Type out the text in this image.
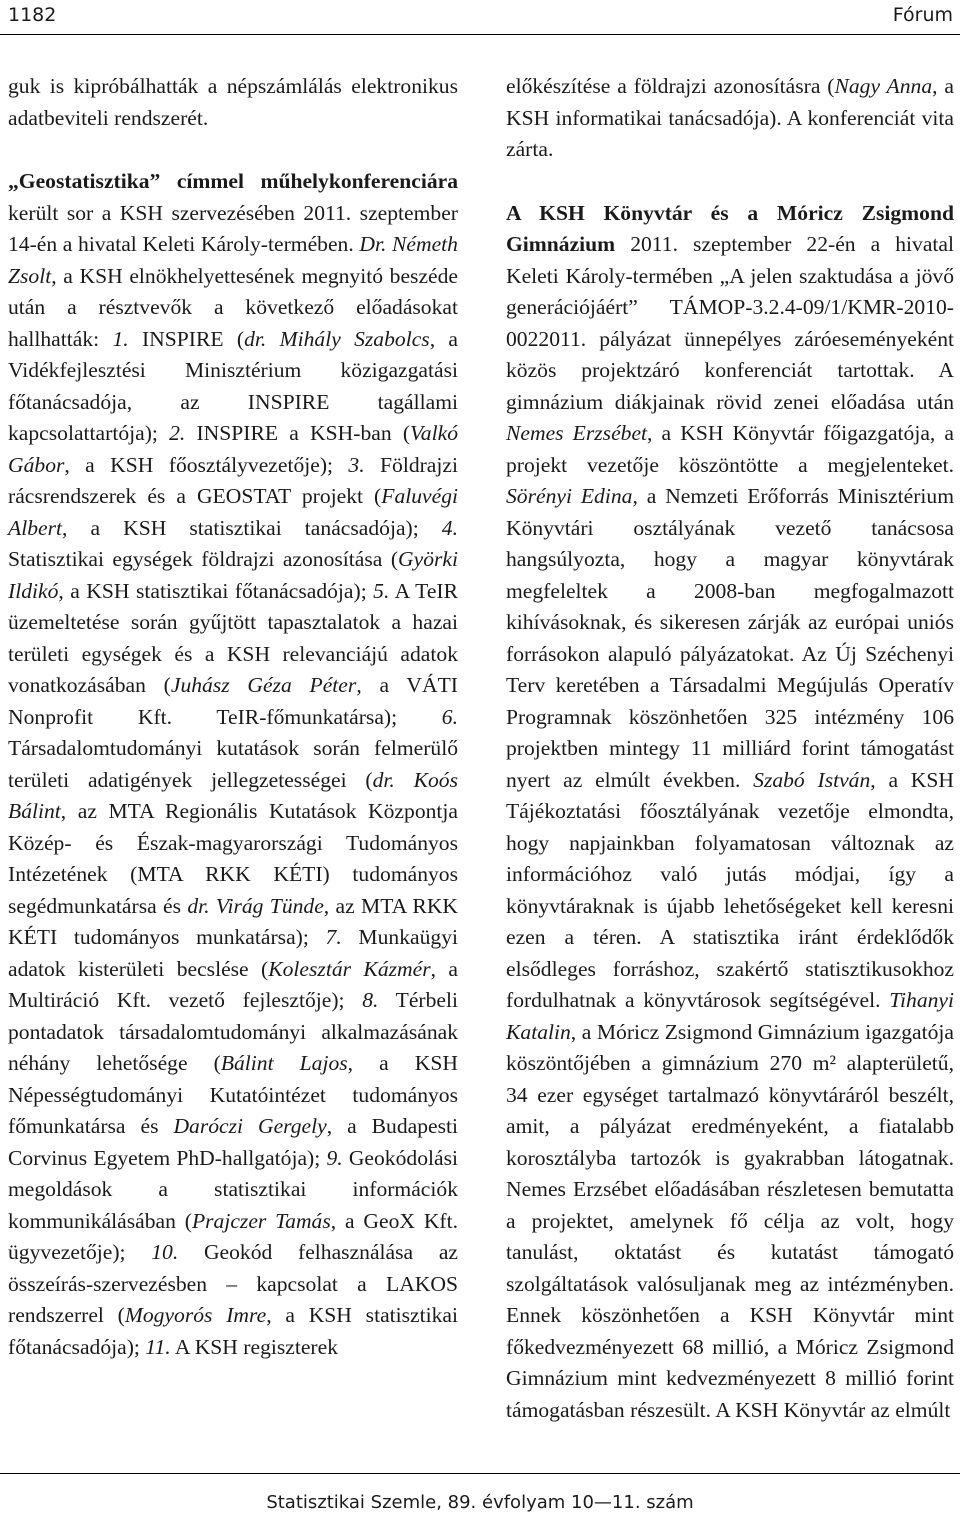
1182	Fórum

guk is kipróbálhatták a népszámlálás elektronikus adatbeviteli rendszerét.

„Geostatisztika” címmel műhelykonferenciára került sor a KSH szervezésében 2011. szeptember 14-én a hivatal Keleti Károly-termében. Dr. Németh Zsolt, a KSH elnökhelyettesének megnyitó beszéde után a résztvevők a következő előadásokat hallhatták: 1. INSPIRE (dr. Mihály Szabolcs, a Vidékfejlesztési Minisztérium közigazgatási főtanácsadója, az INSPIRE tagállami kapcsolattartója); 2. INSPIRE a KSH-ban (Valkó Gábor, a KSH főosztályvezetője); 3. Földrajzi rácsrendszerek és a GEOSTAT projekt (Faluvégi Albert, a KSH statisztikai tanácsadója); 4. Statisztikai egységek földrajzi azonosítása (Györki Ildikó, a KSH statisztikai főtanácsadója); 5. A TeIR üzemeltetése során gyűjtött tapasztalatok a hazai területi egységek és a KSH relevanciájú adatok vonatkozásában (Juhász Géza Péter, a VÁTI Nonprofit Kft. TeIR-főmunkatársa); 6. Társadalomtudományi kutatások során felmerülő területi adatigények jellegzetességei (dr. Koós Bálint, az MTA Regionális Kutatások Központja Közép- és Észak-magyarországi Tudományos Intézetének (MTA RKK KÉTI) tudományos segédmunkatársa és dr. Virág Tünde, az MTA RKK KÉTI tudományos munkatársa); 7. Munkaügyi adatok kisterületi becslése (Kolesztár Kázmér, a Multiráció Kft. vezető fejlesztője); 8. Térbeli pontadatok társadalomtudományi alkalmazásának néhány lehetősége (Bálint Lajos, a KSH Népességtudományi Kutatóintézet tudományos főmunkatársa és Daróczi Gergely, a Budapesti Corvinus Egyetem PhD-hallgatója); 9. Geokódolási megoldások a statisztikai információk kommunikálásában (Prajczer Tamás, a GeoX Kft. ügyvezetője); 10. Geokód felhasználása az összeírás-szervezésben – kapcsolat a LAKOS rendszerrel (Mogyorós Imre, a KSH statisztikai főtanácsadója); 11. A KSH regiszterek

előkészítése a földrajzi azonosításra (Nagy Anna, a KSH informatikai tanácsadója). A konferenciát vita zárta.

A KSH Könyvtár és a Móricz Zsigmond Gimnázium 2011. szeptember 22-én a hivatal Keleti Károly-termében „A jelen szaktudása a jövő generációjáért” TÁMOP-3.2.4-09/1/KMR-2010-0022011. pályázat ünnepélyes záróeseményeként közös projektzáró konferenciát tartottak. A gimnázium diákjainak rövid zenei előadása után Nemes Erzsébet, a KSH Könyvtár főigazgatója, a projekt vezetője köszöntötte a megjelenteket. Sörényi Edina, a Nemzeti Erőforrás Minisztérium Könyvtári osztályának vezető tanácsosa hangsúlyozta, hogy a magyar könyvtárak megfeleltek a 2008-ban megfogalmazott kihívásoknak, és sikeresen zárják az európai uniós forrásokon alapuló pályázatokat. Az Új Széchenyi Terv keretében a Társadalmi Megújulás Operatív Programnak köszönhetően 325 intézmény 106 projektben mintegy 11 milliárd forint támogatást nyert az elmúlt években. Szabó István, a KSH Tájékoztatási főosztályának vezetője elmondta, hogy napjainkban folyamatosan változnak az információhoz való jutás módjai, így a könyvtáraknak is újabb lehetőségeket kell keresni ezen a téren. A statisztika iránt érdeklődők elsődleges forráshoz, szakértő statisztikusokhoz fordulhatnak a könyvtárosok segítségével. Tihanyi Katalin, a Móricz Zsigmond Gimnázium igazgatója köszöntőjében a gimnázium 270 m² alapterületű, 34 ezer egységet tartalmazó könyvtáráról beszélt, amit, a pályázat eredményeként, a fiatalabb korosztályba tartozók is gyakrabban látogatnak. Nemes Erzsébet előadásában részletesen bemutatta a projektet, amelynek fő célja az volt, hogy tanulást, oktatást és kutatást támogató szolgáltatások valósuljanak meg az intézményben. Ennek köszönhetően a KSH Könyvtár mint főkedvezményezett 68 millió, a Móricz Zsigmond Gimnázium mint kedvezményezett 8 millió forint támogatásban részesült. A KSH Könyvtár az elmúlt

Statisztikai Szemle, 89. évfolyam 10—11. szám
